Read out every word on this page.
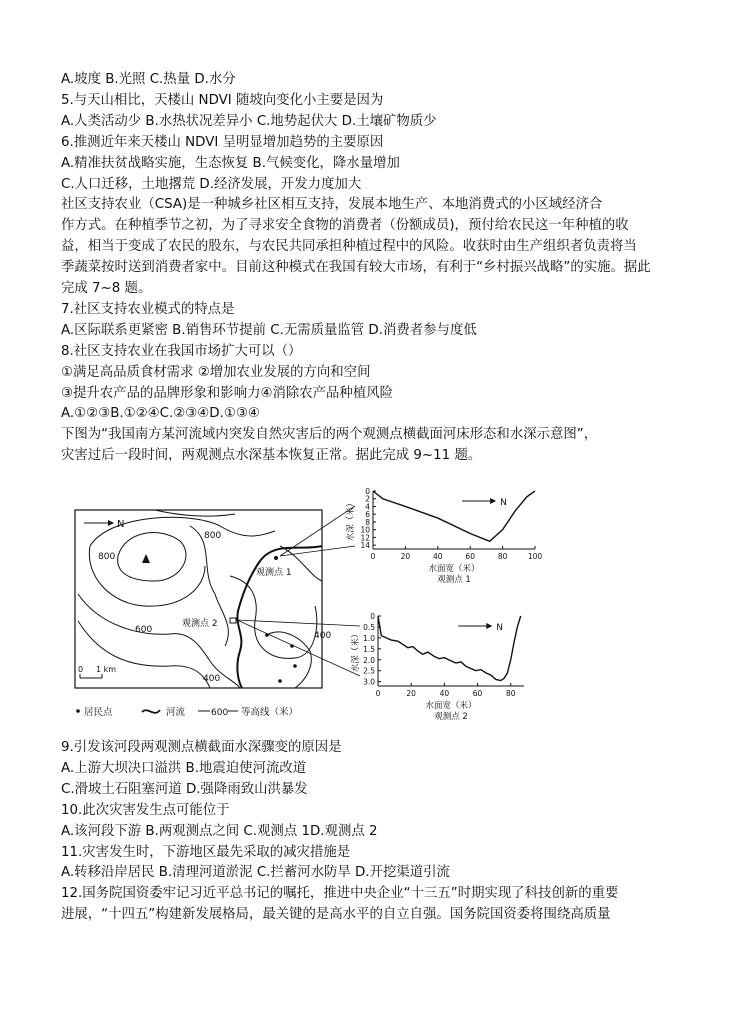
A.坡度 B.光照 C.热量 D.水分
5.与天山相比，天楼山 NDVI 随坡向变化小主要是因为
A.人类活动少 B.水热状况差异小 C.地势起伏大 D.土壤矿物质少
6.推测近年来天楼山 NDVI 呈明显增加趋势的主要原因
A.精准扶贫战略实施，生态恢复 B.气候变化，降水量增加
C.人口迁移，土地撂荒 D.经济发展，开发力度加大
社区支持农业（CSA)是一种城乡社区相互支持，发展本地生产、本地消费式的小区域经济合
作方式。在种植季节之初，为了寻求安全食物的消费者（份额成员)，预付给农民这一年种植的收
益，相当于变成了农民的股东，与农民共同承担种植过程中的风险。收获时由生产组织者负责将当
季蔬菜按时送到消费者家中。目前这种模式在我国有较大市场，有利于“乡村振兴战略”的实施。据此
完成 7~8 题。
7.社区支持农业模式的特点是
A.区际联系更紧密 B.销售环节提前 C.无需质量监管 D.消费者参与度低
8.社区支持农业在我国市场扩大可以（）
①满足高品质食材需求 ②增加农业发展的方向和空间
③提升农产品的品牌形象和影响力④消除农产品种植风险
A.①②③B.①②④C.②③④D.①③④
下图为“我国南方某河流域内突发自然灾害后的两个观测点横截面河床形态和水深示意图”，
灾害过后一段时间，两观测点水深基本恢复正常。据此完成 9~11 题。
N
800
800
600
400
400
观测点 1
观测点 2
0 1 km
居民点	河流	600 等高线（米）
0
2
4
6
8
10
12
14
0	20	40	60	80	100
N
水深（米）
水面宽（米）
观测点 1
0
0.5
1.0
1.5
2.0
2.5
3.0
0	20	40	60	80
N
水深（米）
水面宽（米）
观测点 2
9.引发该河段两观测点横截面水深骤变的原因是
A.上游大坝决口溢洪 B.地震迫使河流改道
C.滑坡土石阻塞河道 D.强降雨致山洪暴发
10.此次灾害发生点可能位于
A.该河段下游 B.两观测点之间 C.观测点 1D.观测点 2
11.灾害发生时，下游地区最先采取的减灾措施是
A.转移沿岸居民 B.清理河道淤泥 C.拦蓄河水防旱 D.开挖渠道引流
12.国务院国资委牢记习近平总书记的嘱托，推进中央企业“十三五”时期实现了科技创新的重要
进展，“十四五”构建新发展格局，最关键的是高水平的自立自强。国务院国资委将围绕高质量
